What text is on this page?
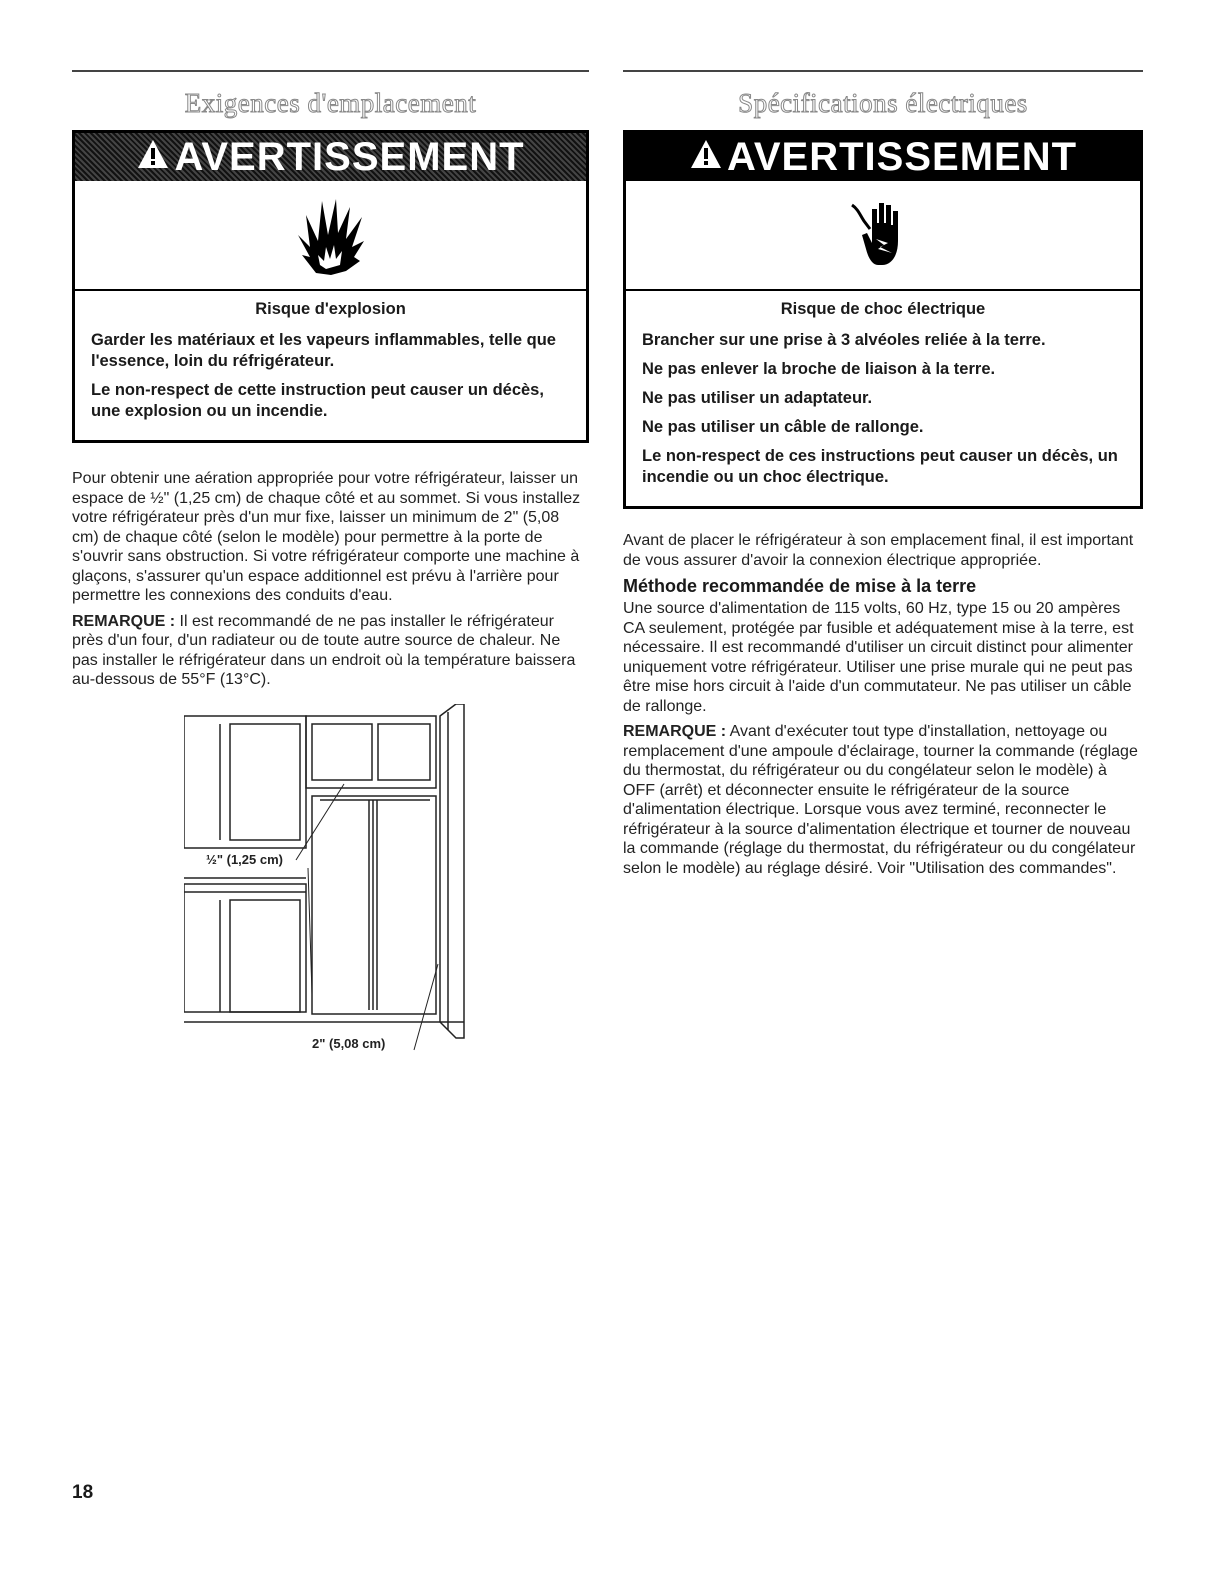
Exigences d'emplacement
AVERTISSEMENT
Risque d'explosion

Garder les matériaux et les vapeurs inflammables, telle que l'essence, loin du réfrigérateur.

Le non-respect de cette instruction peut causer un décès, une explosion ou un incendie.

Pour obtenir une aération appropriée pour votre réfrigérateur, laisser un espace de ½" (1,25 cm) de chaque côté et au sommet. Si vous installez votre réfrigérateur près d'un mur fixe, laisser un minimum de 2" (5,08 cm) de chaque côté (selon le modèle) pour permettre à la porte de s'ouvrir sans obstruction. Si votre réfrigérateur comporte une machine à glaçons, s'assurer qu'un espace additionnel est prévu à l'arrière pour permettre les connexions des conduits d'eau.

REMARQUE : Il est recommandé de ne pas installer le réfrigérateur près d'un four, d'un radiateur ou de toute autre source de chaleur. Ne pas installer le réfrigérateur dans un endroit où la température baissera au-dessous de 55°F (13°C).

½" (1,25 cm)
2" (5,08 cm)
Spécifications électriques
AVERTISSEMENT
Risque de choc électrique

Brancher sur une prise à 3 alvéoles reliée à la terre.

Ne pas enlever la broche de liaison à la terre.

Ne pas utiliser un adaptateur.

Ne pas utiliser un câble de rallonge.

Le non-respect de ces instructions peut causer un décès, un incendie ou un choc électrique.

Avant de placer le réfrigérateur à son emplacement final, il est important de vous assurer d'avoir la connexion électrique appropriée.

Méthode recommandée de mise à la terre

Une source d'alimentation de 115 volts, 60 Hz, type 15 ou 20 ampères CA seulement, protégée par fusible et adéquatement mise à la terre, est nécessaire. Il est recommandé d'utiliser un circuit distinct pour alimenter uniquement votre réfrigérateur. Utiliser une prise murale qui ne peut pas être mise hors circuit à l'aide d'un commutateur. Ne pas utiliser un câble de rallonge.

REMARQUE : Avant d'exécuter tout type d'installation, nettoyage ou remplacement d'une ampoule d'éclairage, tourner la commande (réglage du thermostat, du réfrigérateur ou du congélateur selon le modèle) à OFF (arrêt) et déconnecter ensuite le réfrigérateur de la source d'alimentation électrique. Lorsque vous avez terminé, reconnecter le réfrigérateur à la source d'alimentation électrique et tourner de nouveau la commande (réglage du thermostat, du réfrigérateur ou du congélateur selon le modèle) au réglage désiré. Voir "Utilisation des commandes".

18
